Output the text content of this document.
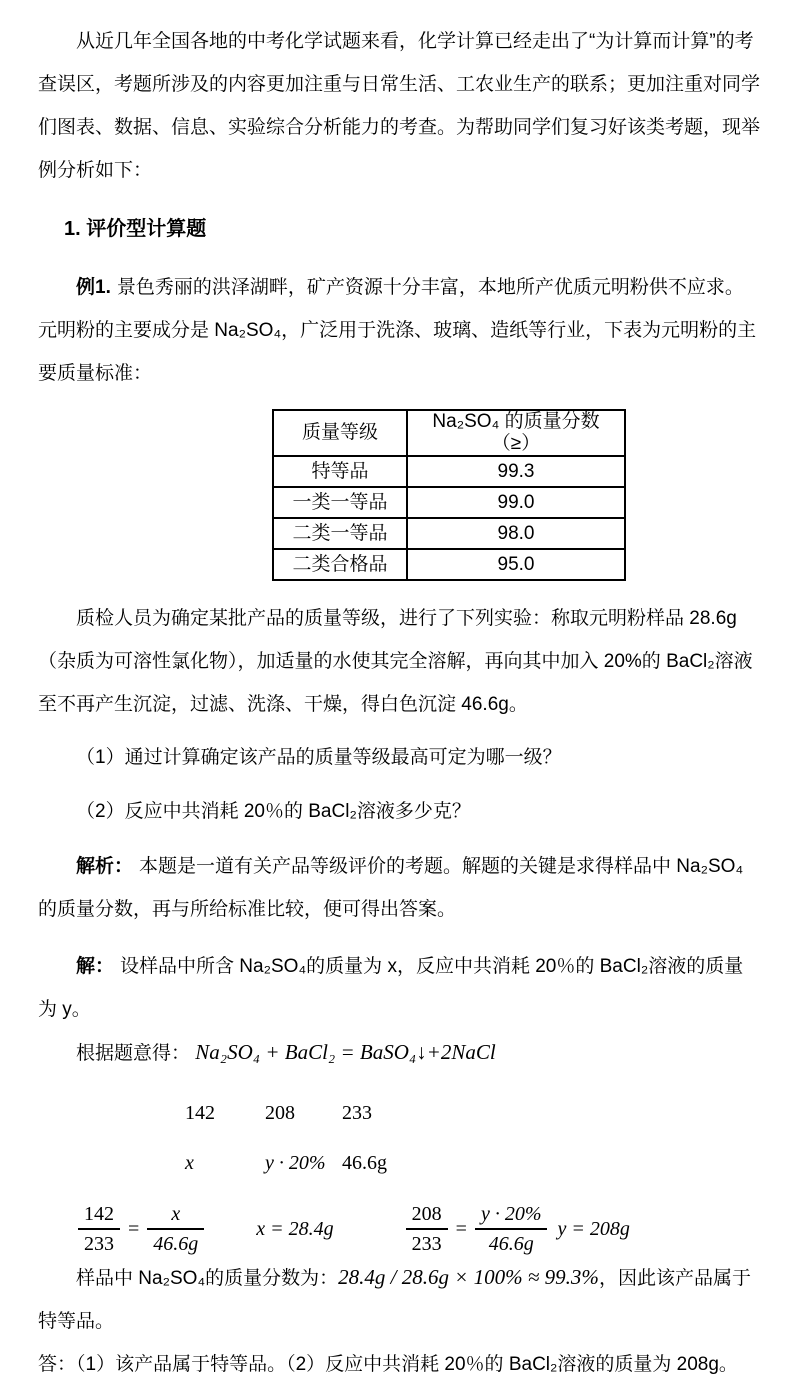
从近几年全国各地的中考化学试题来看，化学计算已经走出了“为计算而计算”的考查误区，考题所涉及的内容更加注重与日常生活、工农业生产的联系；更加注重对同学们图表、数据、信息、实验综合分析能力的考查。为帮助同学们复习好该类考题，现举例分析如下：

1. 评价型计算题

例1. 景色秀丽的洪泽湖畔，矿产资源十分丰富，本地所产优质元明粉供不应求。元明粉的主要成分是 Na₂SO₄，广泛用于洗涤、玻璃、造纸等行业，下表为元明粉的主要质量标准：

质量等级	Na₂SO₄ 的质量分数（≥）
特等品	99.3
一类一等品	99.0
二类一等品	98.0
二类合格品	95.0

质检人员为确定某批产品的质量等级，进行了下列实验：称取元明粉样品 28.6g（杂质为可溶性氯化物），加适量的水使其完全溶解，再向其中加入 20%的 BaCl₂溶液至不再产生沉淀，过滤、洗涤、干燥，得白色沉淀 46.6g。

（1）通过计算确定该产品的质量等级最高可定为哪一级？

（2）反应中共消耗 20％的 BaCl₂溶液多少克？

解析： 本题是一道有关产品等级评价的考题。解题的关键是求得样品中 Na₂SO₄的质量分数，再与所给标准比较，便可得出答案。

解： 设样品中所含 Na₂SO₄的质量为 x，反应中共消耗 20％的 BaCl₂溶液的质量为 y。

根据题意得： Na₂SO₄ + BaCl₂ = BaSO₄↓+2NaCl

142	208	233
x	y · 20% 46.6g
$\frac{142}{233} = \frac{x}{46.6g}$	x = 28.4g	$\frac{208}{233} = \frac{y \cdot 20\%}{46.6g}$ y = 208g

样品中 Na₂SO₄的质量分数为：28.4g / 28.6g × 100% ≈ 99.3%，因此该产品属于特等品。

答：（1）该产品属于特等品。（2）反应中共消耗 20％的 BaCl₂溶液的质量为 208g。
